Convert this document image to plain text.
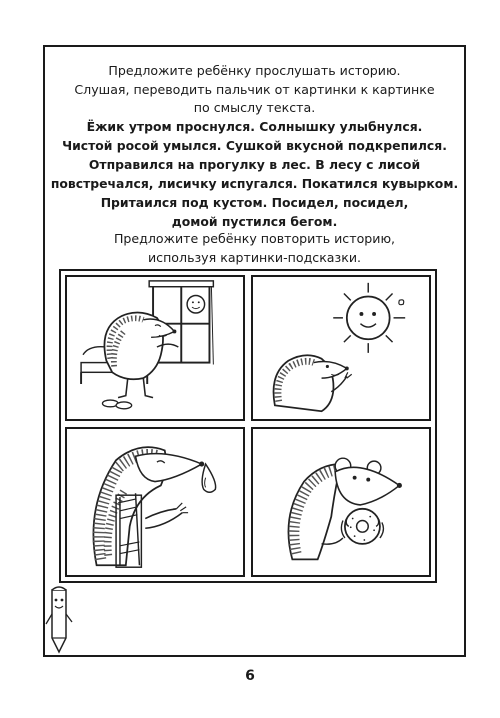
Предложите ребёнку прослушать историю.
Слушая, переводить пальчик от картинки к картинке
по смыслу текста.
Ёжик утром проснулся. Солнышку улыбнулся.
Чистой росой умылся. Сушкой вкусной подкрепился.
Отправился на прогулку в лес. В лесу с лисой
повстречался, лисичку испугался. Покатился кувырком.
Притаился под кустом. Посидел, посидел,
домой пустился бегом.
Предложите ребёнку повторить историю,
используя картинки-подсказки.
6
